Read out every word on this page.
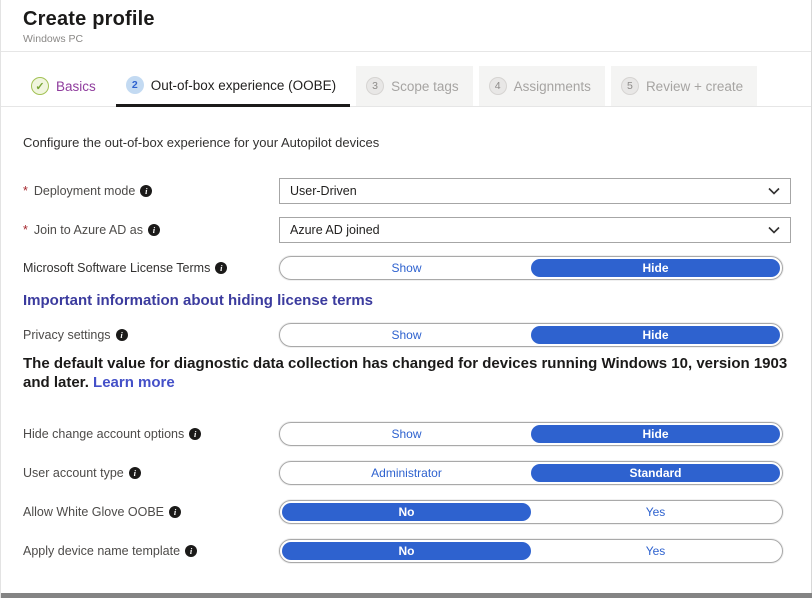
Create profile
Windows PC
✓ Basics	2 Out-of-box experience (OOBE)	3 Scope tags	4 Assignments	5 Review + create

Configure the out-of-box experience for your Autopilot devices

* Deployment mode	i	User-Driven
* Join to Azure AD as	i	Azure AD joined
Microsoft Software License Terms	i	Show	Hide
Important information about hiding license terms
Privacy settings	i	Show	Hide
The default value for diagnostic data collection has changed for devices running Windows 10, version 1903 and later. Learn more
Hide change account options	i	Show	Hide
User account type	i	Administrator	Standard
Allow White Glove OOBE	i	No	Yes
Apply device name template	i	No	Yes
